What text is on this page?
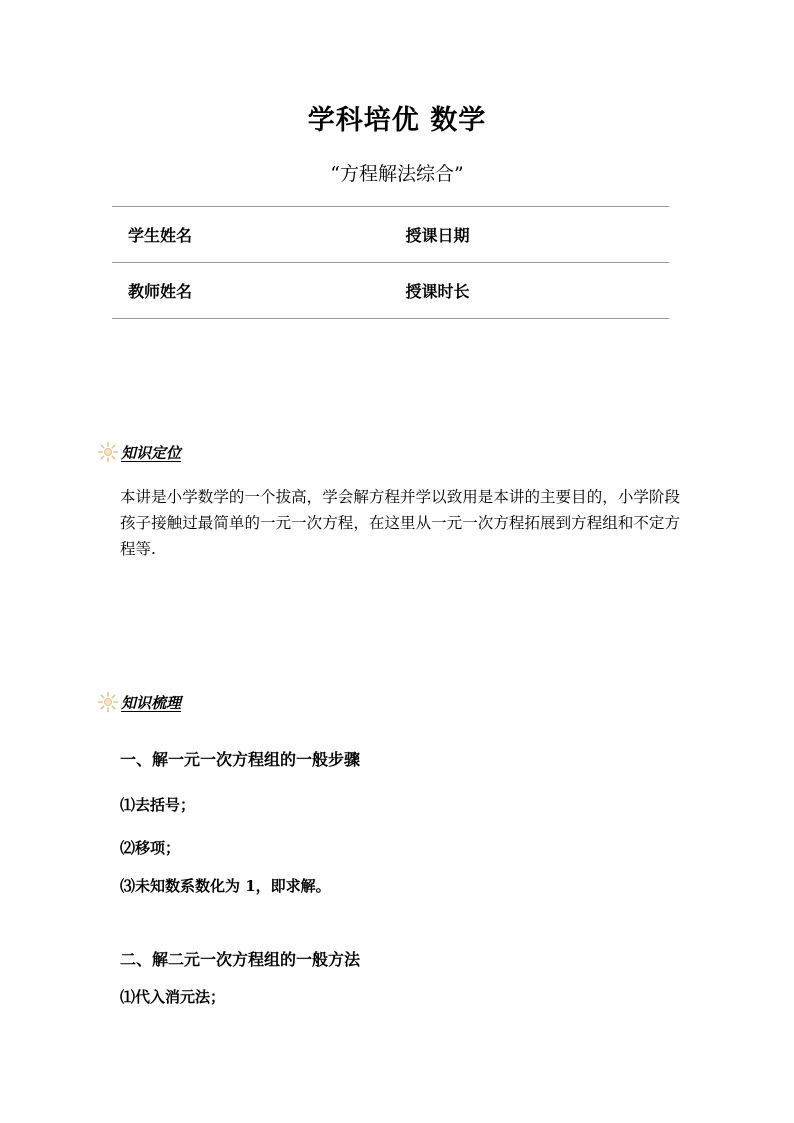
学科培优 数学
“方程解法综合”
学生姓名	授课日期
教师姓名	授课时长
知识定位
本讲是小学数学的一个拔高，学会解方程并学以致用是本讲的主要目的，小学阶段孩子接触过最简单的一元一次方程，在这里从一元一次方程拓展到方程组和不定方程等.
知识梳理
一、解一元一次方程组的一般步骤
⑴去括号；
⑵移项；
⑶未知数系数化为 1，即求解。
二、解二元一次方程组的一般方法
⑴代入消元法；
